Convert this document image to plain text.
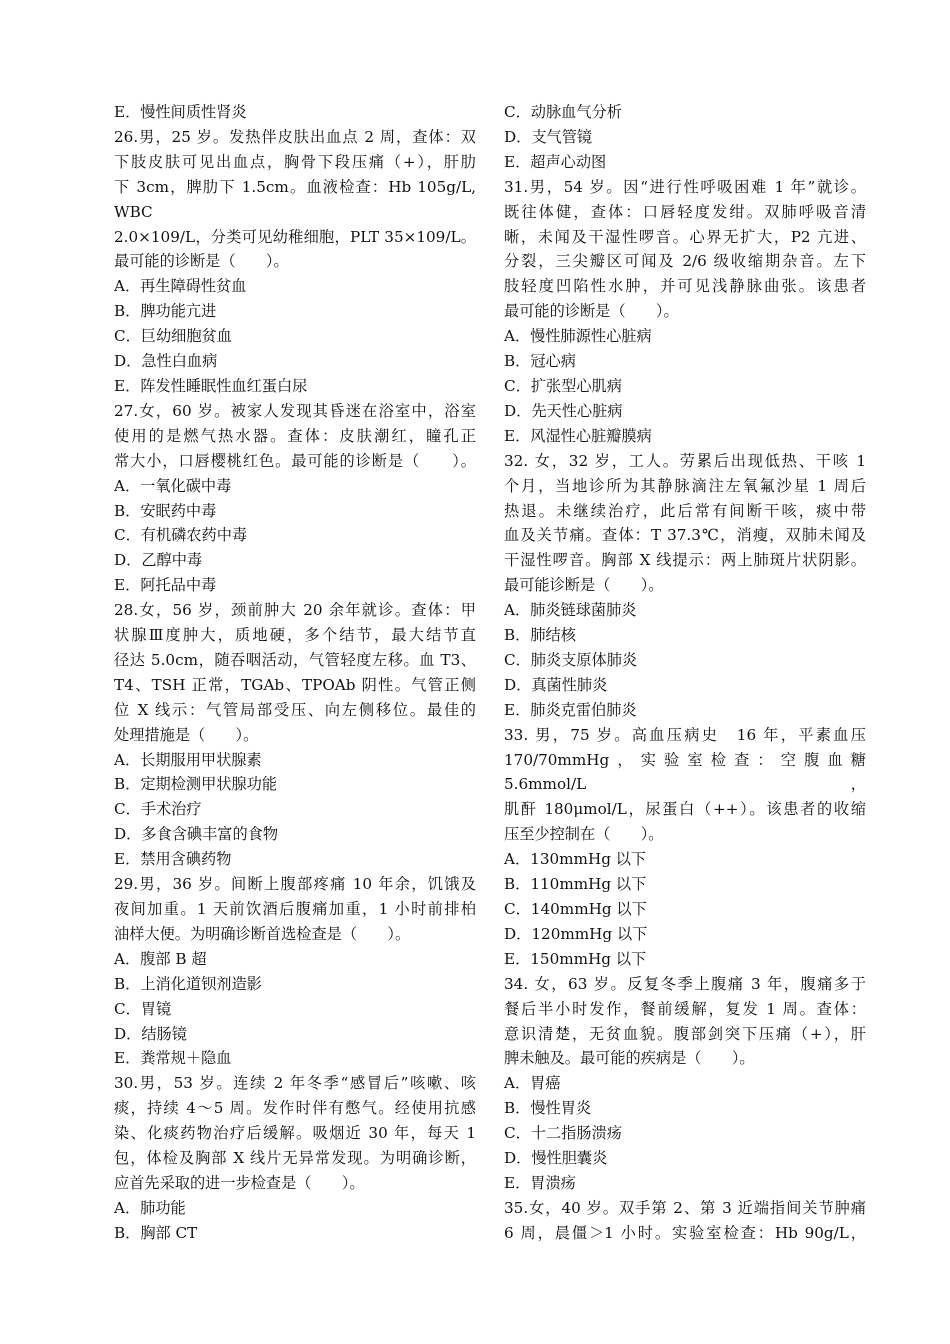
E．慢性间质性肾炎
26.男，25 岁。发热伴皮肤出血点 2 周，查体：双
下肢皮肤可见出血点，胸骨下段压痛（+），肝肋
下 3cm，脾肋下 1.5cm。血液检查：Hb 105g/L, WBC
2.0×109/L，分类可见幼稚细胞，PLT 35×109/L。
最可能的诊断是（　　）。
A．再生障碍性贫血
B．脾功能亢进
C．巨幼细胞贫血
D．急性白血病
E．阵发性睡眠性血红蛋白尿
27.女，60 岁。被家人发现其昏迷在浴室中，浴室
使用的是燃气热水器。查体：皮肤潮红，瞳孔正
常大小，口唇樱桃红色。最可能的诊断是（　　）。
A．一氧化碳中毒
B．安眠药中毒
C．有机磷农药中毒
D．乙醇中毒
E．阿托品中毒
28.女，56 岁，颈前肿大 20 余年就诊。查体：甲
状腺Ⅲ度肿大，质地硬，多个结节，最大结节直
径达 5.0cm，随吞咽活动，气管轻度左移。血 T3、
T4、TSH 正常，TGAb、TPOAb 阴性。气管正侧
位 X 线示：气管局部受压、向左侧移位。最佳的
处理措施是（　　）。
A．长期服用甲状腺素
B．定期检测甲状腺功能
C．手术治疗
D．多食含碘丰富的食物
E．禁用含碘药物
29.男，36 岁。间断上腹部疼痛 10 年余，饥饿及
夜间加重。1 天前饮酒后腹痛加重，1 小时前排柏
油样大便。为明确诊断首选检查是（　　）。
A．腹部 B 超
B．上消化道钡剂造影
C．胃镜
D．结肠镜
E．粪常规＋隐血
30.男，53 岁。连续 2 年冬季“感冒后”咳嗽、咳
痰，持续 4～5 周。发作时伴有憋气。经使用抗感
染、化痰药物治疗后缓解。吸烟近 30 年，每天 1
包，体检及胸部 X 线片无异常发现。为明确诊断，
应首先采取的进一步检查是（　　）。
A．肺功能
B．胸部 CT
C．动脉血气分析
D．支气管镜
E．超声心动图
31.男，54 岁。因“进行性呼吸困难 1 年”就诊。
既往体健，查体：口唇轻度发绀。双肺呼吸音清
晰，未闻及干湿性啰音。心界无扩大，P2 亢进、
分裂，三尖瓣区可闻及 2/6 级收缩期杂音。左下
肢轻度凹陷性水肿，并可见浅静脉曲张。该患者
最可能的诊断是（　　）。
A．慢性肺源性心脏病
B．冠心病
C．扩张型心肌病
D．先天性心脏病
E．风湿性心脏瓣膜病
32. 女，32 岁，工人。劳累后出现低热、干咳 1
个月，当地诊所为其静脉滴注左氧氟沙星 1 周后
热退。未继续治疗，此后常有间断干咳，痰中带
血及关节痛。查体：T 37.3℃，消瘦，双肺未闻及
干湿性啰音。胸部 X 线提示：两上肺斑片状阴影。
最可能诊断是（　　）。
A．肺炎链球菌肺炎
B．肺结核
C．肺炎支原体肺炎
D．真菌性肺炎
E．肺炎克雷伯肺炎
33. 男，75 岁。高血压病史　16 年，平素血压
170/70mmHg，实验室检查：空腹血糖 5.6mmol/L，
肌酐 180μmol/L，尿蛋白（++）。该患者的收缩
压至少控制在（　　）。
A．130mmHg 以下
B．110mmHg 以下
C．140mmHg 以下
D．120mmHg 以下
E．150mmHg 以下
34. 女，63 岁。反复冬季上腹痛 3 年，腹痛多于
餐后半小时发作，餐前缓解，复发 1 周。查体：
意识清楚，无贫血貌。腹部剑突下压痛（+），肝
脾未触及。最可能的疾病是（　　）。
A．胃癌
B．慢性胃炎
C．十二指肠溃疡
D．慢性胆囊炎
E．胃溃疡
35.女，40 岁。双手第 2、第 3 近端指间关节肿痛
6 周，晨僵＞1 小时。实验室检查：Hb 90g/L，
